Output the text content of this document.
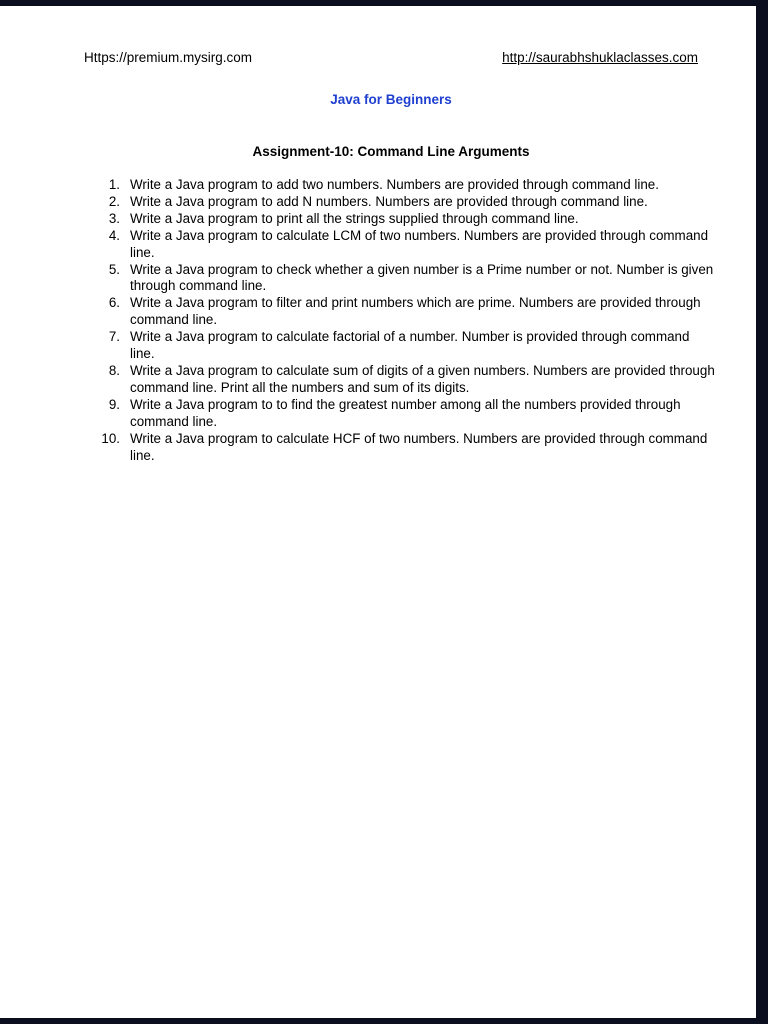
Https://premium.mysirg.com	http://saurabhshuklaclasses.com
Java for Beginners
Assignment-10: Command Line Arguments
1. Write a Java program to add two numbers. Numbers are provided through command line.
2. Write a Java program to add N numbers. Numbers are provided through command line.
3. Write a Java program to print all the strings supplied through command line.
4. Write a Java program to calculate LCM of two numbers. Numbers are provided through command line.
5. Write a Java program to check whether a given number is a Prime number or not. Number is given through command line.
6. Write a Java program to filter and print numbers which are prime. Numbers are provided through command line.
7. Write a Java program to calculate factorial of a number. Number is provided through command line.
8. Write a Java program to calculate sum of digits of a given numbers. Numbers are provided through command line. Print all the numbers and sum of its digits.
9. Write a Java program to to find the greatest number among all the numbers provided through command line.
10. Write a Java program to calculate HCF of two numbers. Numbers are provided through command line.
